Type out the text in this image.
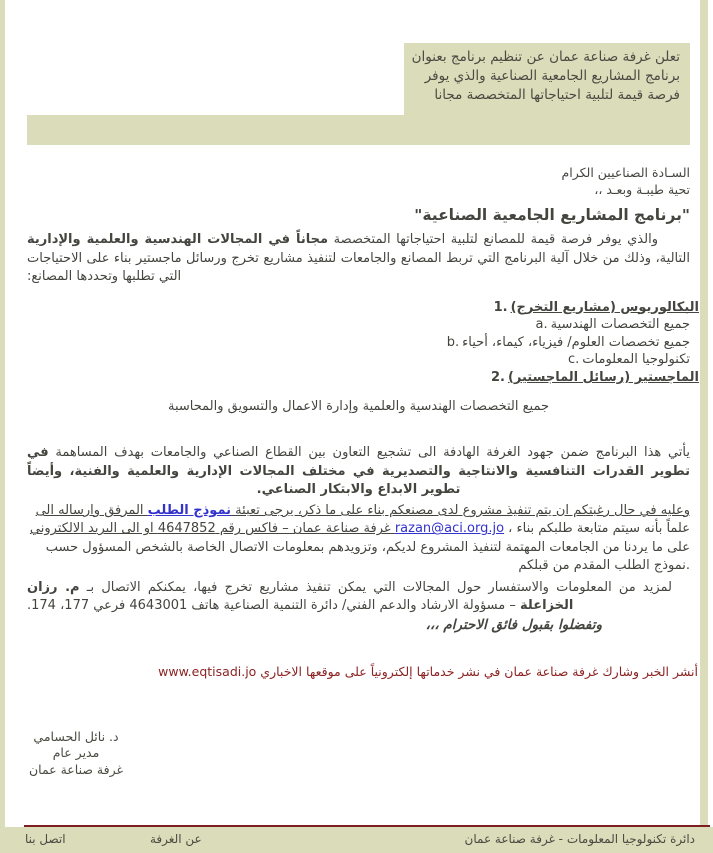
تعلن غرفة صناعة عمان عن تنظيم برنامج بعنوان برنامج المشاريع الجامعية الصناعية والذي يوفر فرصة قيمة لتلبية احتياجاتها المتخصصة مجانا
السـادة الصناعيين الكرام
تحية طيبـة وبعـد ،،
"برنامج المشاريع الجامعية الصناعية"
والذي يوفر فرصة قيمة للمصانع لتلبية احتياجاتها المتخصصة مجاناً في المجالات الهندسية والعلمية والإدارية التالية، وذلك من خلال آلية البرنامج التي تربط المصانع والجامعات لتنفيذ مشاريع تخرج ورسائل ماجستير بناء على الاحتياجات التي تطلبها وتحددها المصانع:
1. البكالوريوس (مشاريع التخرج)
a. جميع التخصصات الهندسية
b. جميع تخصصات العلوم/ فيزياء، كيماء، أحياء
c. تكنولوجيا المعلومات
2. الماجستير (رسائل الماجستير)
جميع التخصصات الهندسية والعلمية وإدارة الاعمال والتسويق والمحاسبة
يأتي هذا البرنامج ضمن جهود الغرفة الهادفة الى تشجيع التعاون بين القطاع الصناعي والجامعات بهدف المساهمة في تطوير القدرات التنافسية والانتاجية والتصديرية في مختلف المجالات الإدارية والعلمية والفنية، وأيضاً تطوير الابداع والابتكار الصناعي.
وعليه في حال رغبتكم ان يتم تنفيذ مشروع لدى مصنعكم بناء على ما ذكر، يرجى تعبئة نموذج الطلب المرفق وارساله الى غرفة صناعة عمان – فاكس رقم 4647852 او الى البريد الالكتروني razan@aci.org.jo ، علماً بأنه سيتم متابعة طلبكم بناء على ما يردنا من الجامعات المهتمة لتنفيذ المشروع لديكم، وتزويدهم بمعلومات الاتصال الخاصة بالشخص المسؤول حسب نموذج الطلب المقدم من قبلكم.
لمزيد من المعلومات والاستفسار حول المجالات التي يمكن تنفيذ مشاريع تخرج فيها، يمكنكم الاتصال بـ م. رزان الخزاعلة – مسؤولة الارشاد والدعم الفني/ دائرة التنمية الصناعية هاتف 4643001 فرعي 177، 174.
وتفضلوا بقبول فائق الاحترام ،،،
أنشر الخبر وشارك غرفة صناعة عمان في نشر خدماتها إلكترونياً على موقعها الاخباري www.eqtisadi.jo
د. نائل الحسامي
مدير عام
غرفة صناعة عمان
اتصل بنا	عن الغرفة	دائرة تكنولوجيا المعلومات - غرفة صناعة عمان
